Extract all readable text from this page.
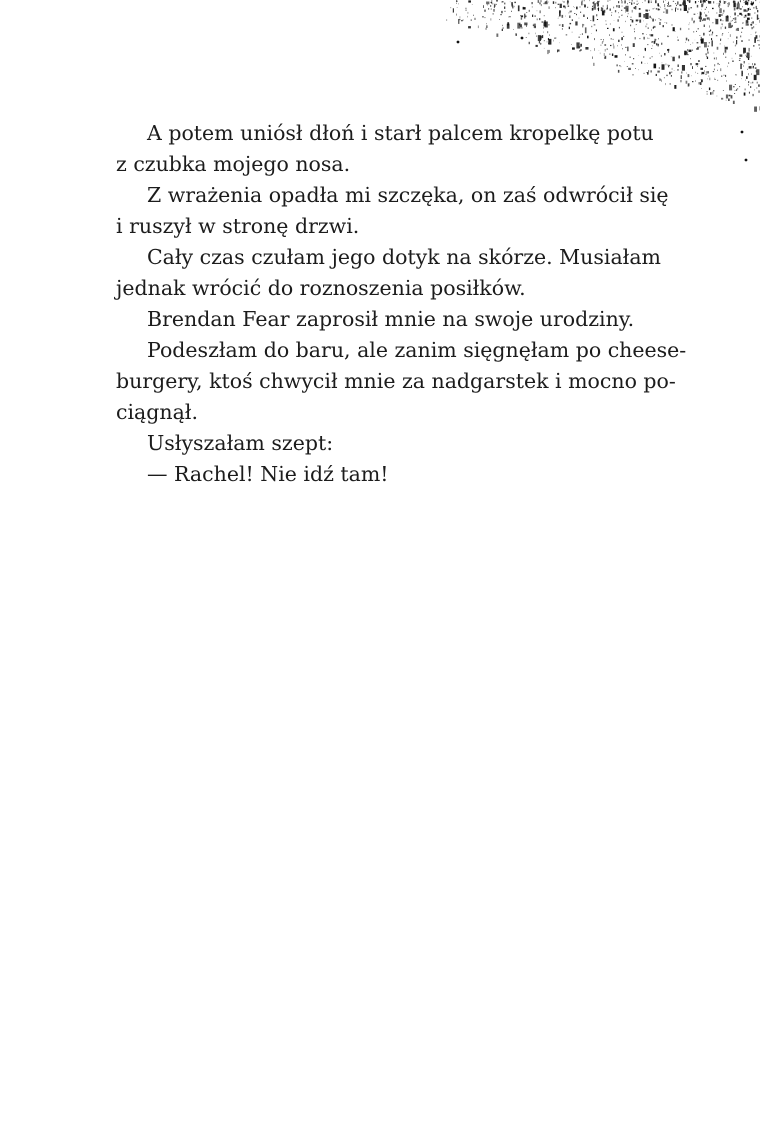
A potem uniósł dłoń i starł palcem kropelkę potu
z czubka mojego nosa.

Z wrażenia opadła mi szczęka, on zaś odwrócił się
i ruszył w stronę drzwi.

Cały czas czułam jego dotyk na skórze. Musiałam
jednak wrócić do roznoszenia posiłków.

Brendan Fear zaprosił mnie na swoje urodziny.

Podeszłam do baru, ale zanim sięgnęłam po cheese-
burgery, ktoś chwycił mnie za nadgarstek i mocno po-
ciągnął.

Usłyszałam szept:

— Rachel! Nie idź tam!
